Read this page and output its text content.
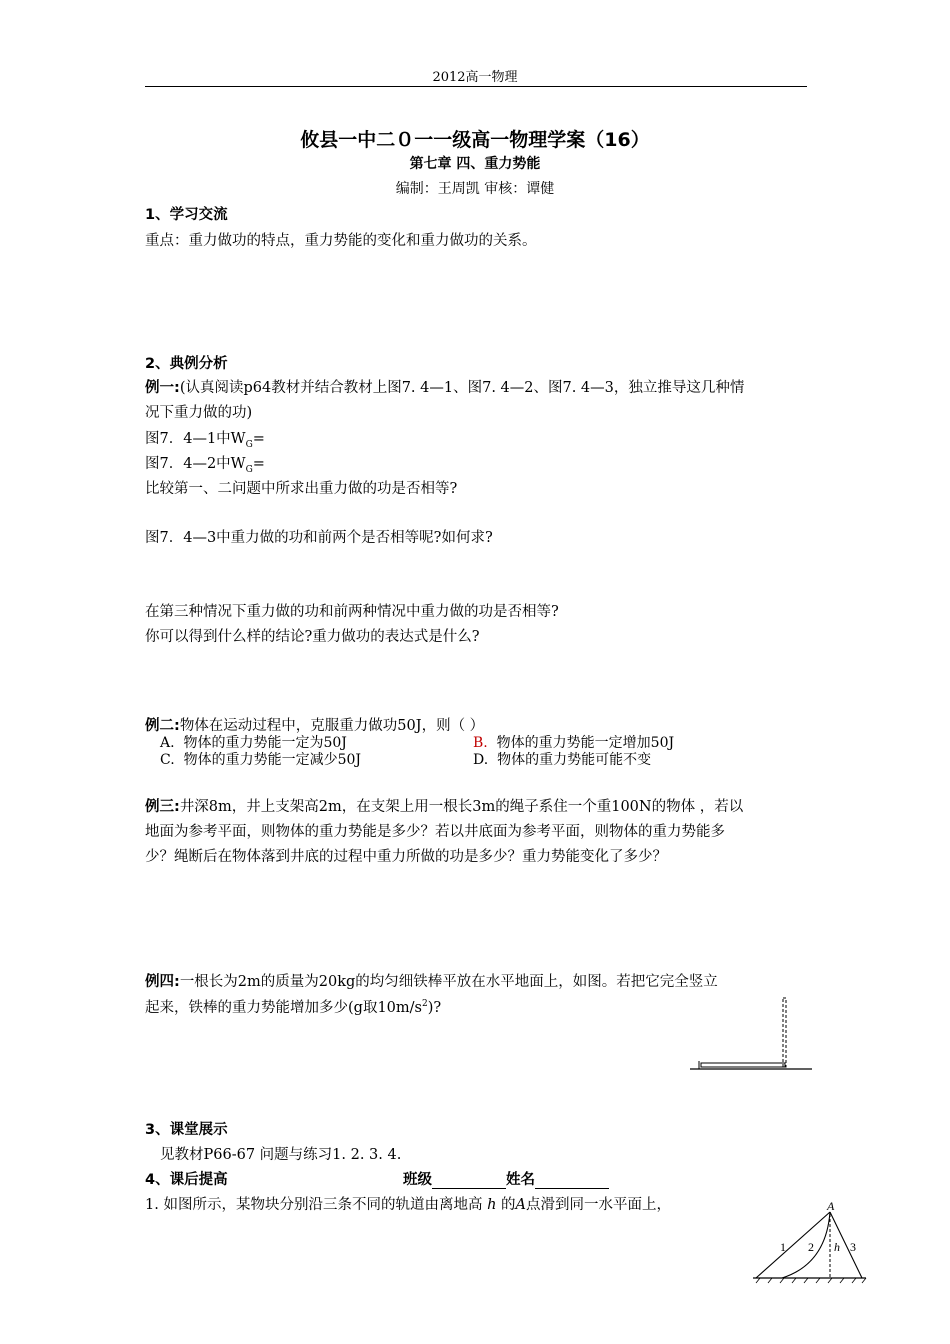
2012高一物理
攸县一中二０一一级高一物理学案（16）
第七章 四、重力势能
编制：王周凯 审核：谭健
1、学习交流
重点：重力做功的特点，重力势能的变化和重力做功的关系。
2、典例分析
例一:(认真阅读p64教材并结合教材上图7. 4—1、图7. 4—2、图7. 4—3，独立推导这几种情
况下重力做的功)
图7．4—1中$W_G=$
图7．4—2中$W_G=$
比较第一、二问题中所求出重力做的功是否相等?
图7．4—3中重力做的功和前两个是否相等呢?如何求?
在第三种情况下重力做的功和前两种情况中重力做的功是否相等?
你可以得到什么样的结论?重力做功的表达式是什么?
例二:物体在运动过程中，克服重力做功50J，则（ ）
A. 物体的重力势能一定为50J	B. 物体的重力势能一定增加50J
C. 物体的重力势能一定减少50J	D. 物体的重力势能可能不变
例三:井深8m，井上支架高2m，在支架上用一根长3m的绳子系住一个重100N的物体 ，若以
地面为参考平面，则物体的重力势能是多少？若以井底面为参考平面，则物体的重力势能多
少？绳断后在物体落到井底的过程中重力所做的功是多少？重力势能变化了多少？
例四:一根长为2m的质量为20kg的均匀细铁棒平放在水平地面上，如图。若把它完全竖立
起来，铁棒的重力势能增加多少(g取$10m/s^2$)?
3、课堂展示
见教材P66-67 问题与练习1. 2. 3. 4.
4、课后提高	班级	姓名
1. 如图所示，某物块分别沿三条不同的轨道由离地高 h 的A点滑到同一水平面上，	A
1 2 h 3
